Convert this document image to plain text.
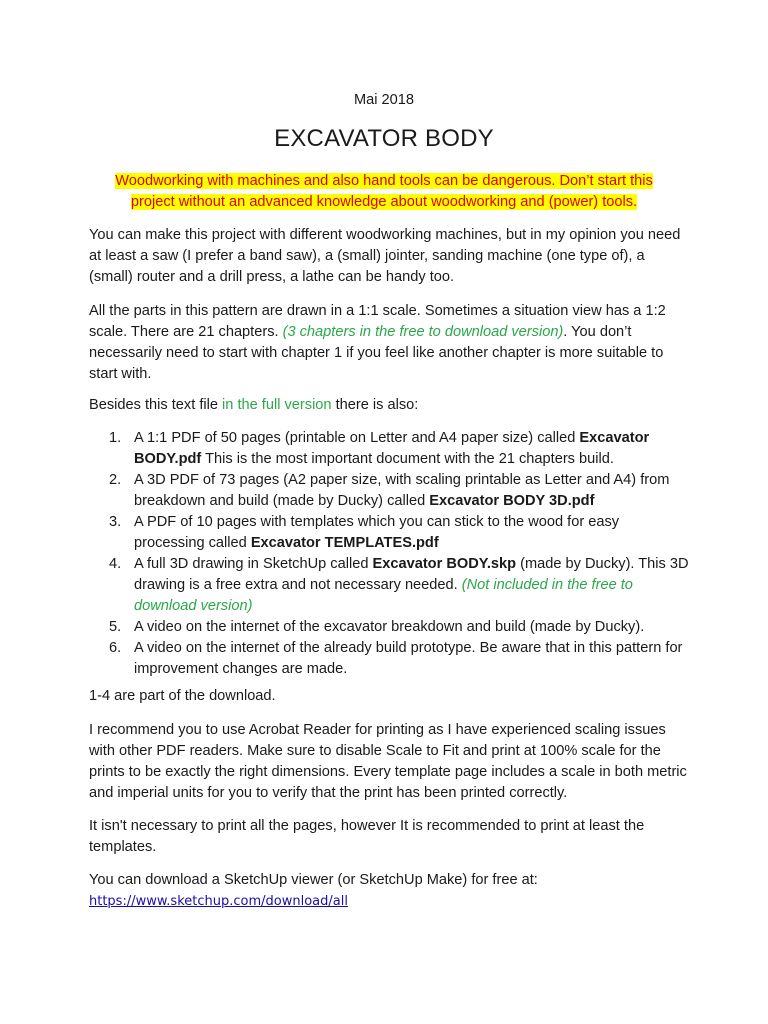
Mai 2018
EXCAVATOR BODY
Woodworking with machines and also hand tools can be dangerous. Don’t start this
project without an advanced knowledge about woodworking and (power) tools.

You can make this project with different woodworking machines, but in my opinion you need at least a saw (I prefer a band saw), a (small) jointer, sanding machine (one type of), a (small) router and a drill press, a lathe can be handy too.

All the parts in this pattern are drawn in a 1:1 scale. Sometimes a situation view has a 1:2 scale. There are 21 chapters. (3 chapters in the free to download version). You don’t necessarily need to start with chapter 1 if you feel like another chapter is more suitable to start with.

Besides this text file in the full version there is also:

1. A 1:1 PDF of 50 pages (printable on Letter and A4 paper size) called Excavator BODY.pdf This is the most important document with the 21 chapters build.
2. A 3D PDF of 73 pages (A2 paper size, with scaling printable as Letter and A4) from breakdown and build (made by Ducky) called Excavator BODY 3D.pdf
3. A PDF of 10 pages with templates which you can stick to the wood for easy processing called Excavator TEMPLATES.pdf
4. A full 3D drawing in SketchUp called Excavator BODY.skp (made by Ducky). This 3D drawing is a free extra and not necessary needed. (Not included in the free to download version)
5. A video on the internet of the excavator breakdown and build (made by Ducky).
6. A video on the internet of the already build prototype. Be aware that in this pattern for improvement changes are made.

1-4 are part of the download.

I recommend you to use Acrobat Reader for printing as I have experienced scaling issues with other PDF readers. Make sure to disable Scale to Fit and print at 100% scale for the prints to be exactly the right dimensions. Every template page includes a scale in both metric and imperial units for you to verify that the print has been printed correctly.

It isn't necessary to print all the pages, however It is recommended to print at least the templates.

You can download a SketchUp viewer (or SketchUp Make) for free at:
https://www.sketchup.com/download/all
